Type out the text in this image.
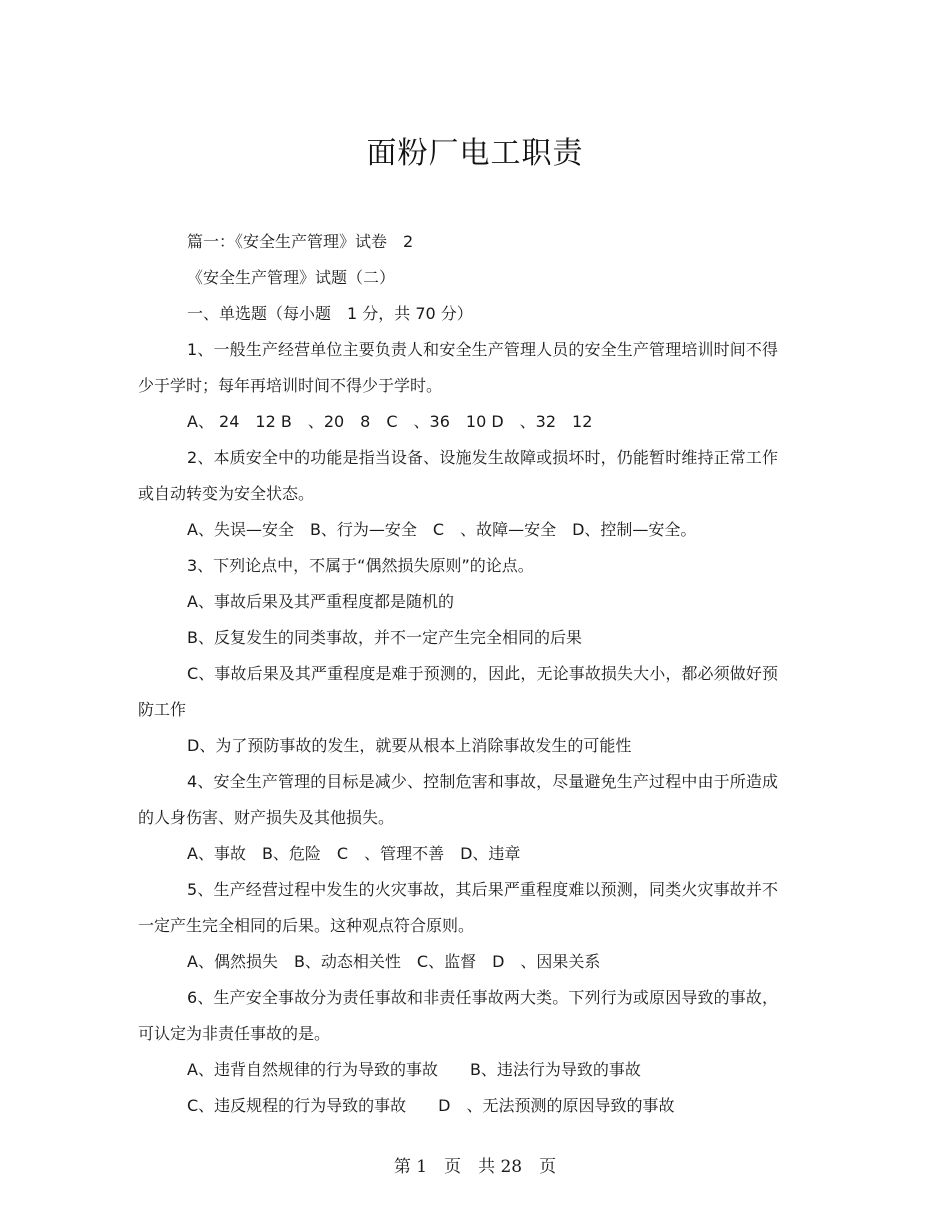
面粉厂电工职责

篇一：《安全生产管理》试卷　2

《安全生产管理》试题（二）

一、单选题（每小题　1 分，共 70 分）

1、一般生产经营单位主要负责人和安全生产管理人员的安全生产管理培训时间不得少于学时；每年再培训时间不得少于学时。

A、 24　12 B　、20　8　C　、36　10 D　、32　12

2、本质安全中的功能是指当设备、设施发生故障或损坏时，仍能暂时维持正常工作或自动转变为安全状态。

A、失误—安全　B、行为—安全　C　、故障—安全　D、控制—安全。

3、下列论点中，不属于“偶然损失原则”的论点。

A、事故后果及其严重程度都是随机的

B、反复发生的同类事故，并不一定产生完全相同的后果

C、事故后果及其严重程度是难于预测的，因此，无论事故损失大小，都必须做好预防工作

D、为了预防事故的发生，就要从根本上消除事故发生的可能性

4、安全生产管理的目标是减少、控制危害和事故，尽量避免生产过程中由于所造成的人身伤害、财产损失及其他损失。

A、事故　B、危险　C　、管理不善　D、违章

5、生产经营过程中发生的火灾事故，其后果严重程度难以预测，同类火灾事故并不一定产生完全相同的后果。这种观点符合原则。

A、偶然损失　B、动态相关性　C、监督　D　、因果关系

6、生产安全事故分为责任事故和非责任事故两大类。下列行为或原因导致的事故，可认定为非责任事故的是。

A、违背自然规律的行为导致的事故　　B、违法行为导致的事故

C、违反规程的行为导致的事故　　D　、无法预测的原因导致的事故

第 1　页　共 28　页
